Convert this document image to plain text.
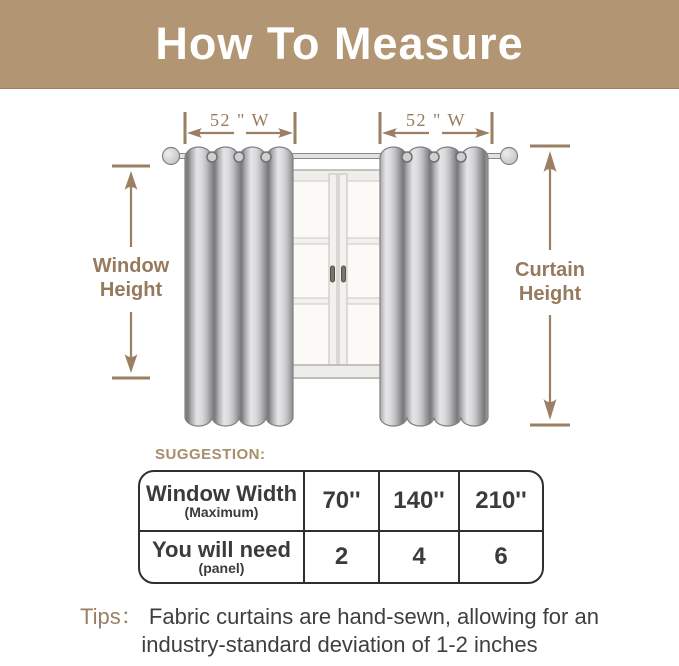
How To Measure
52 " W	52 " W
Window
Height
Curtain
Height
SUGGESTION:
Window Width
(Maximum)	70'' 140'' 210''
You will need
(panel)	2	4	6
Tips： Fabric curtains are hand-sewn, allowing for an
industry-standard deviation of 1-2 inches
